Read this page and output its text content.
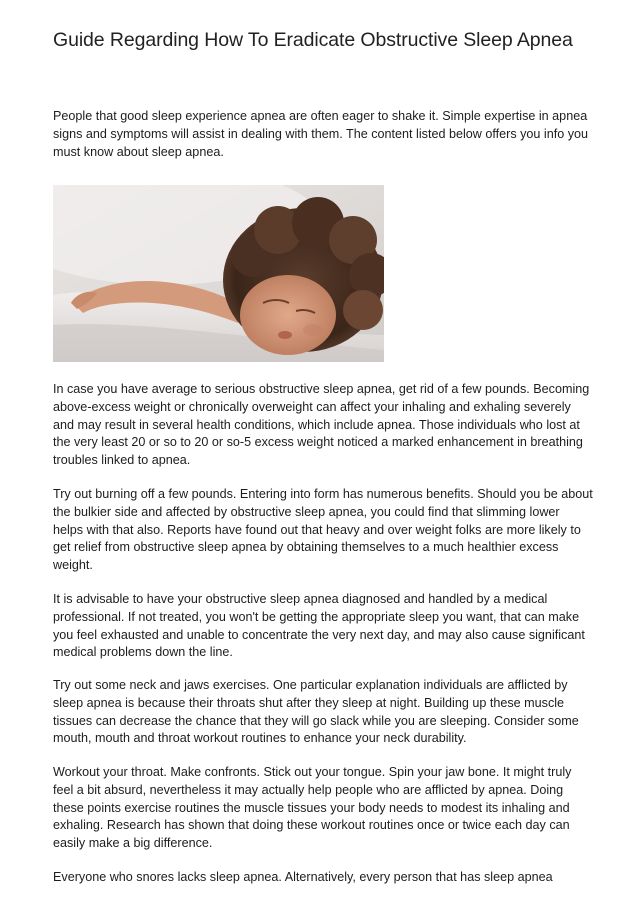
Guide Regarding How To Eradicate Obstructive Sleep Apnea

People that good sleep experience apnea are often eager to shake it. Simple expertise in apnea signs and symptoms will assist in dealing with them. The content listed below offers you info you must know about sleep apnea.

In case you have average to serious obstructive sleep apnea, get rid of a few pounds. Becoming above-excess weight or chronically overweight can affect your inhaling and exhaling severely and may result in several health conditions, which include apnea. Those individuals who lost at the very least 20 or so to 20 or so-5 excess weight noticed a marked enhancement in breathing troubles linked to apnea.

Try out burning off a few pounds. Entering into form has numerous benefits. Should you be about the bulkier side and affected by obstructive sleep apnea, you could find that slimming lower helps with that also. Reports have found out that heavy and over weight folks are more likely to get relief from obstructive sleep apnea by obtaining themselves to a much healthier excess weight.

It is advisable to have your obstructive sleep apnea diagnosed and handled by a medical professional. If not treated, you won't be getting the appropriate sleep you want, that can make you feel exhausted and unable to concentrate the very next day, and may also cause significant medical problems down the line.

Try out some neck and jaws exercises. One particular explanation individuals are afflicted by sleep apnea is because their throats shut after they sleep at night. Building up these muscle tissues can decrease the chance that they will go slack while you are sleeping. Consider some mouth, mouth and throat workout routines to enhance your neck durability.

Workout your throat. Make confronts. Stick out your tongue. Spin your jaw bone. It might truly feel a bit absurd, nevertheless it may actually help people who are afflicted by apnea. Doing these points exercise routines the muscle tissues your body needs to modest its inhaling and exhaling. Research has shown that doing these workout routines once or twice each day can easily make a big difference.

Everyone who snores lacks sleep apnea. Alternatively, every person that has sleep apnea
